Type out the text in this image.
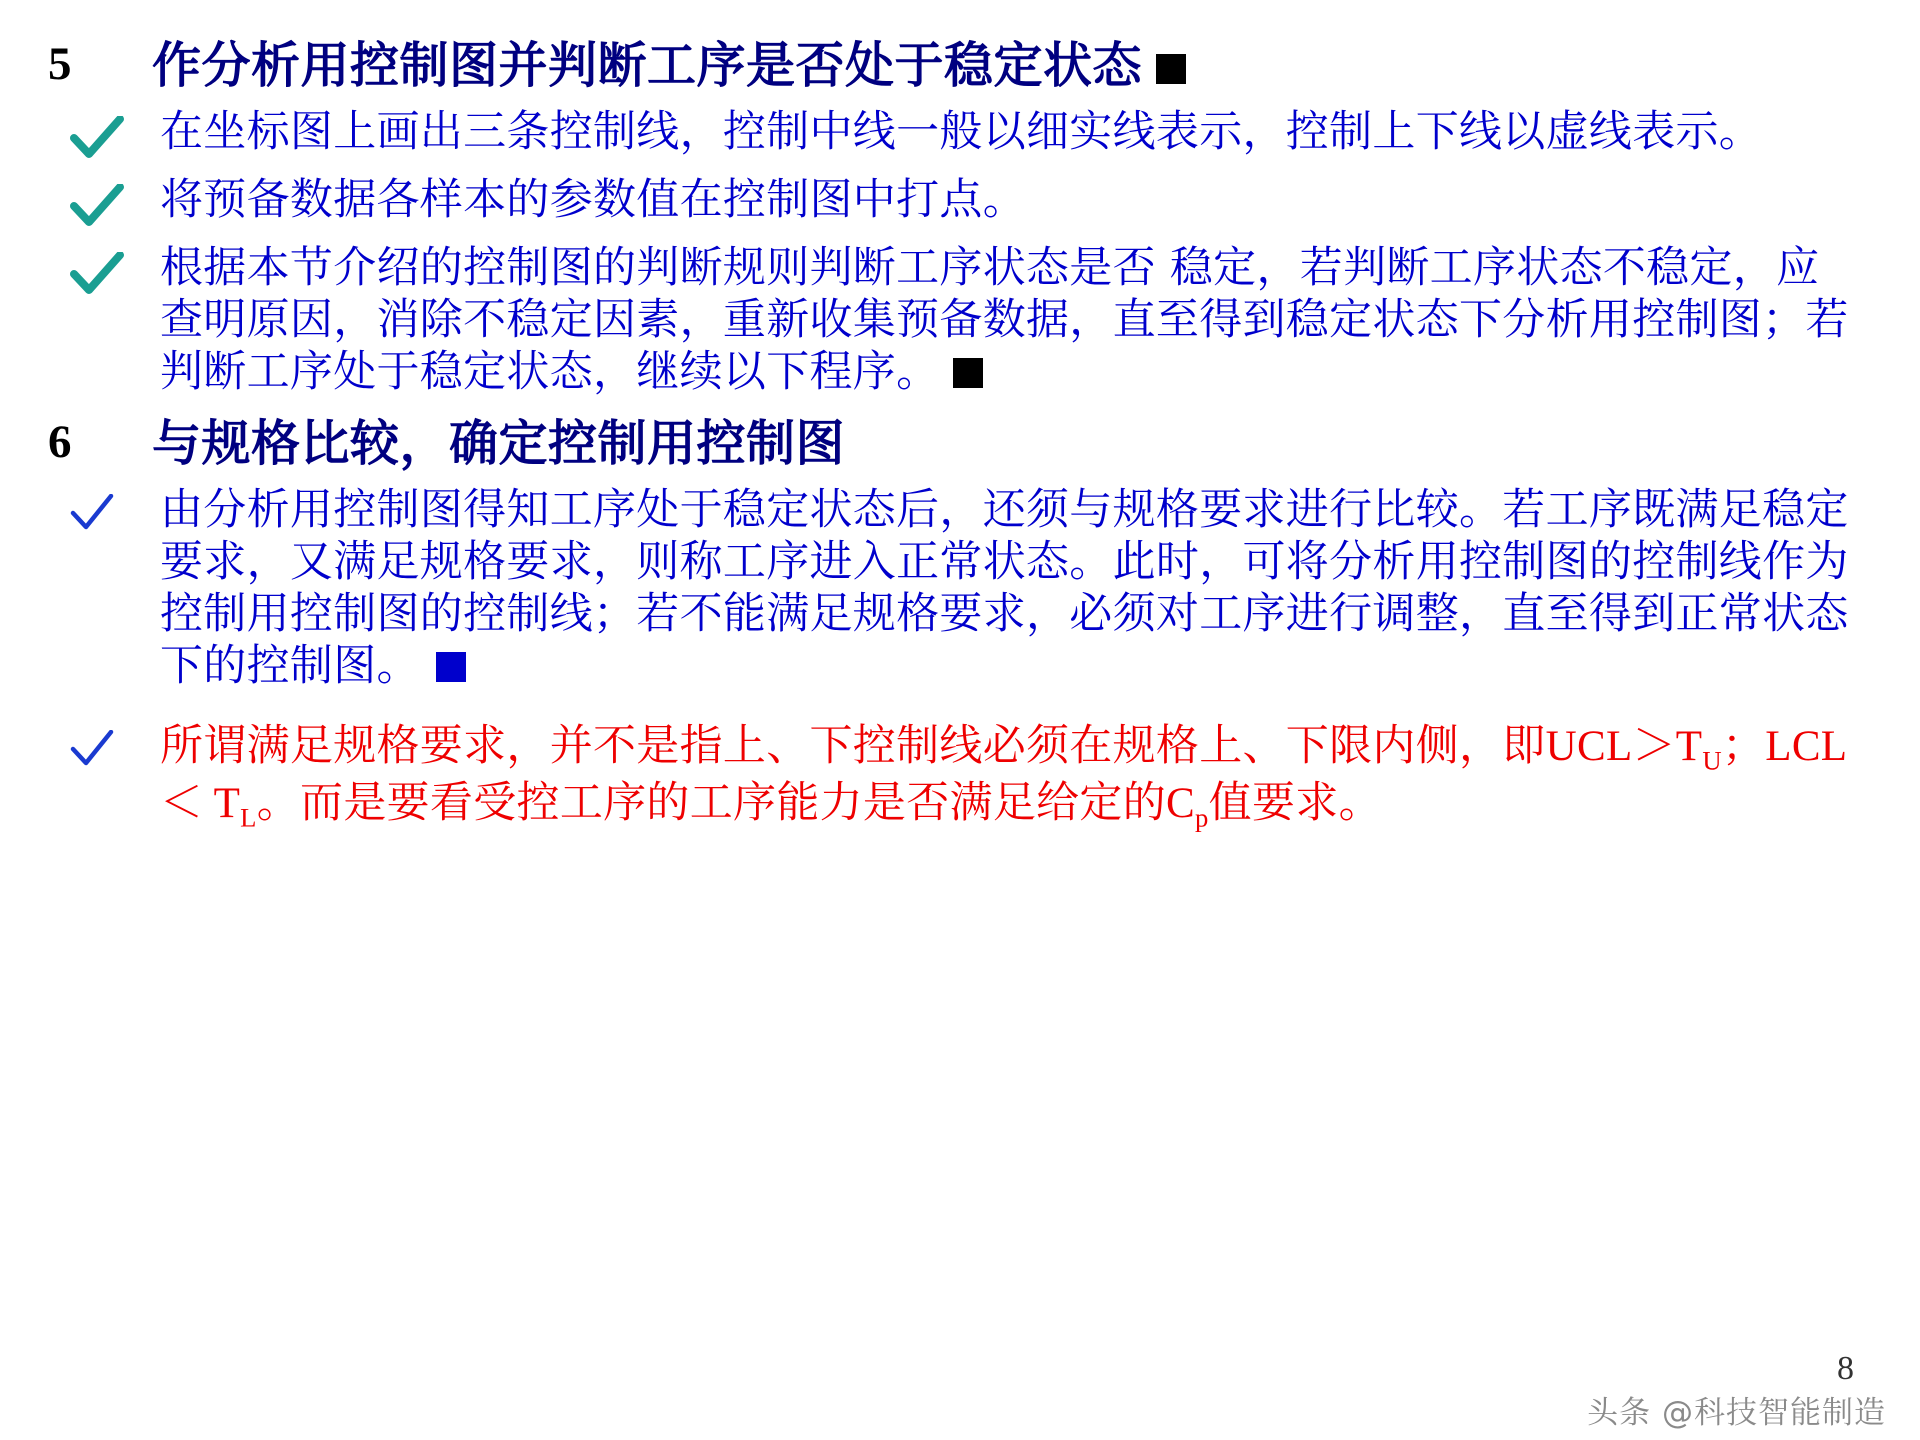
5	作分析用控制图并判断工序是否处于稳定状态
在坐标图上画出三条控制线，控制中线一般以细实线表示，控制上下线以虚线表示。
将预备数据各样本的参数值在控制图中打点。
根据本节介绍的控制图的判断规则判断工序状态是否 稳定，若判断工序状态不稳定，应查明原因，消除不稳定因素，重新收集预备数据，直至得到稳定状态下分析用控制图；若判断工序处于稳定状态，继续以下程序。
6	与规格比较，确定控制用控制图
由分析用控制图得知工序处于稳定状态后，还须与规格要求进行比较。若工序既满足稳定要求，又满足规格要求，则称工序进入正常状态。此时，可将分析用控制图的控制线作为控制用控制图的控制线；若不能满足规格要求，必须对工序进行调整，直至得到正常状态下的控制图。
所谓满足规格要求，并不是指上、下控制线必须在规格上、下限内侧，即$UCL>T_U$；$LCL< T_L$。而是要看受控工序的工序能力是否满足给定的$C_p$值要求。
8
头条 @科技智能制造
